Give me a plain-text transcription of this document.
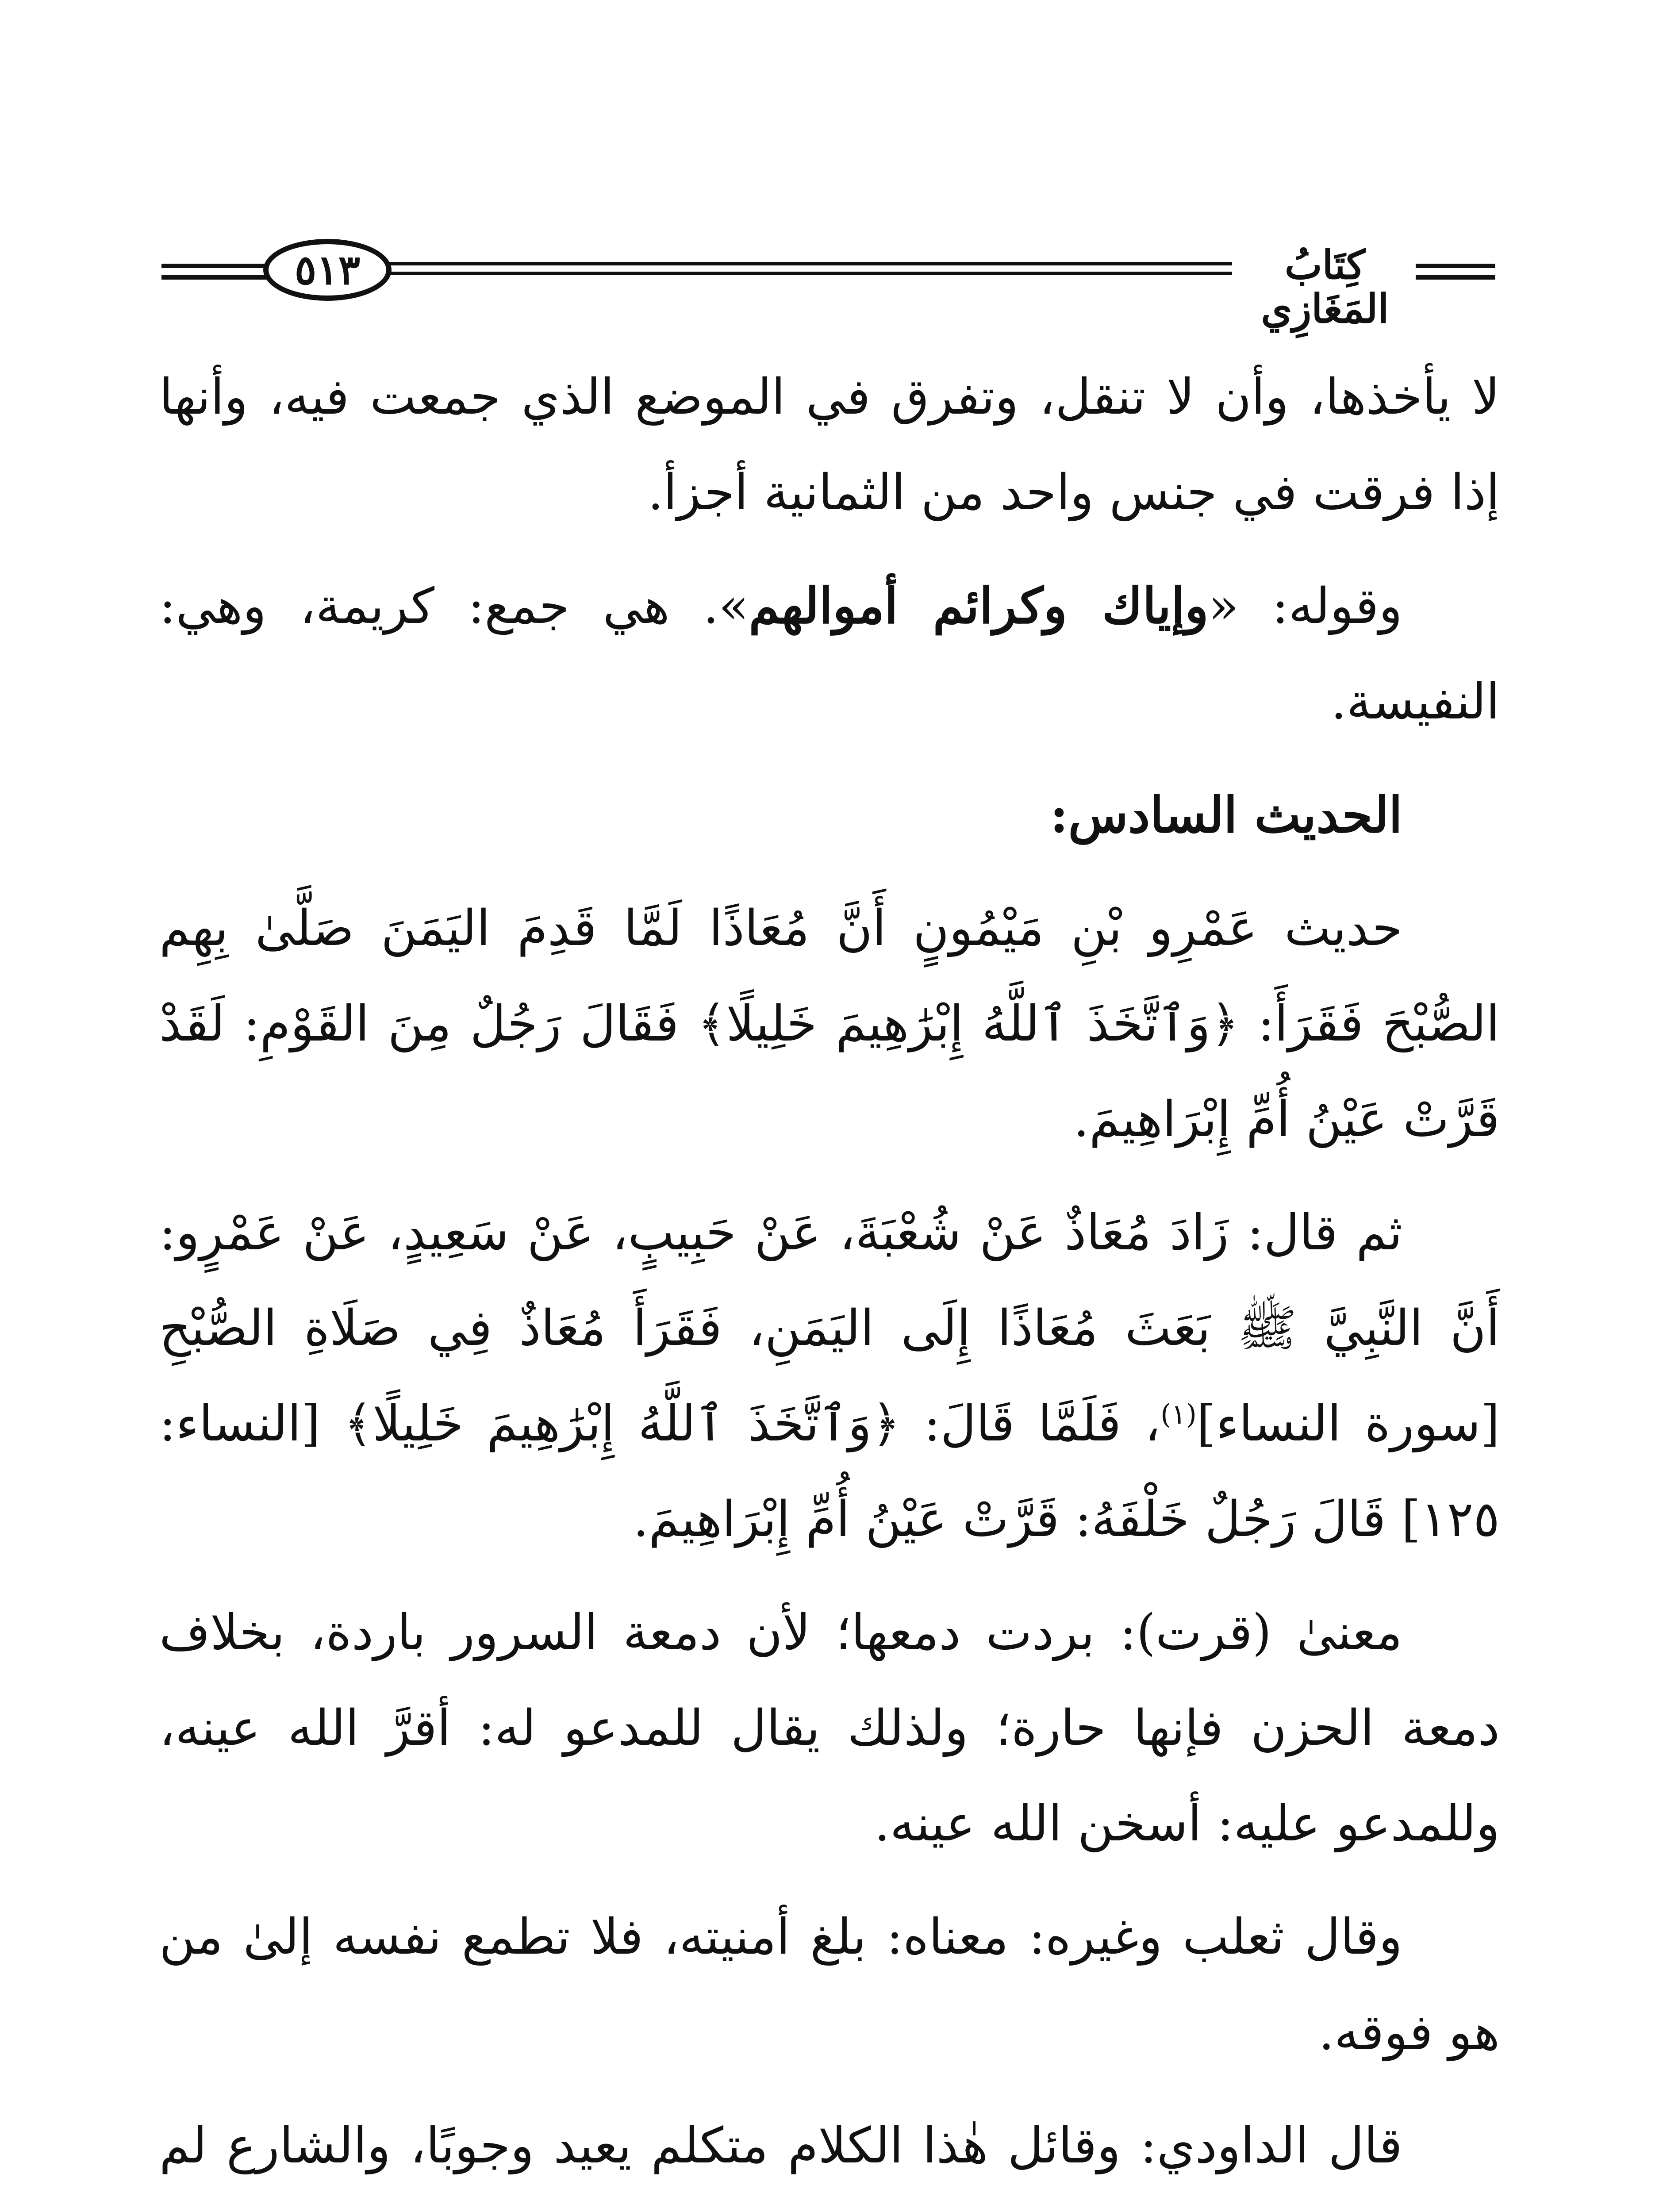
٥١٣	كِتَابُ المَغَازِي

لا يأخذها، وأن لا تنقل، وتفرق في الموضع الذي جمعت فيه، وأنها إذا فرقت في جنس واحد من الثمانية أجزأ.

وقوله: «وإياك وكرائم أموالهم». هي جمع: كريمة، وهي: النفيسة.

الحديث السادس:

حديث عَمْرِو بْنِ مَيْمُونٍ أَنَّ مُعَاذًا لَمَّا قَدِمَ اليَمَنَ صَلَّىٰ بِهِم الصُّبْحَ فَقَرَأَ: ﴿وَٱتَّخَذَ ٱللَّهُ إِبْرَٰهِيمَ خَلِيلًا﴾ فَقَالَ رَجُلٌ مِنَ القَوْمِ: لَقَدْ قَرَّتْ عَيْنُ أُمِّ إِبْرَاهِيمَ.

ثم قال: زَادَ مُعَاذٌ عَنْ شُعْبَةَ، عَنْ حَبِيبٍ، عَنْ سَعِيدٍ، عَنْ عَمْرٍو: أَنَّ النَّبِيَّ ﷺ بَعَثَ مُعَاذًا إِلَى اليَمَنِ، فَقَرَأَ مُعَاذٌ فِي صَلَاةِ الصُّبْحِ [سورة النساء]$^{(١)}$، فَلَمَّا قَالَ: ﴿وَٱتَّخَذَ ٱللَّهُ إِبْرَٰهِيمَ خَلِيلًا﴾ [النساء: ١٢٥] قَالَ رَجُلٌ خَلْفَهُ: قَرَّتْ عَيْنُ أُمِّ إِبْرَاهِيمَ.

معنىٰ (قرت): بردت دمعها؛ لأن دمعة السرور باردة، بخلاف دمعة الحزن فإنها حارة؛ ولذلك يقال للمدعو له: أقرَّ الله عينه، وللمدعو عليه: أسخن الله عينه.

وقال ثعلب وغيره: معناه: بلغ أمنيته، فلا تطمع نفسه إلىٰ من هو فوقه.

قال الداودي: وقائل هٰذا الكلام متكلم يعيد وجوبًا، والشارع لم
